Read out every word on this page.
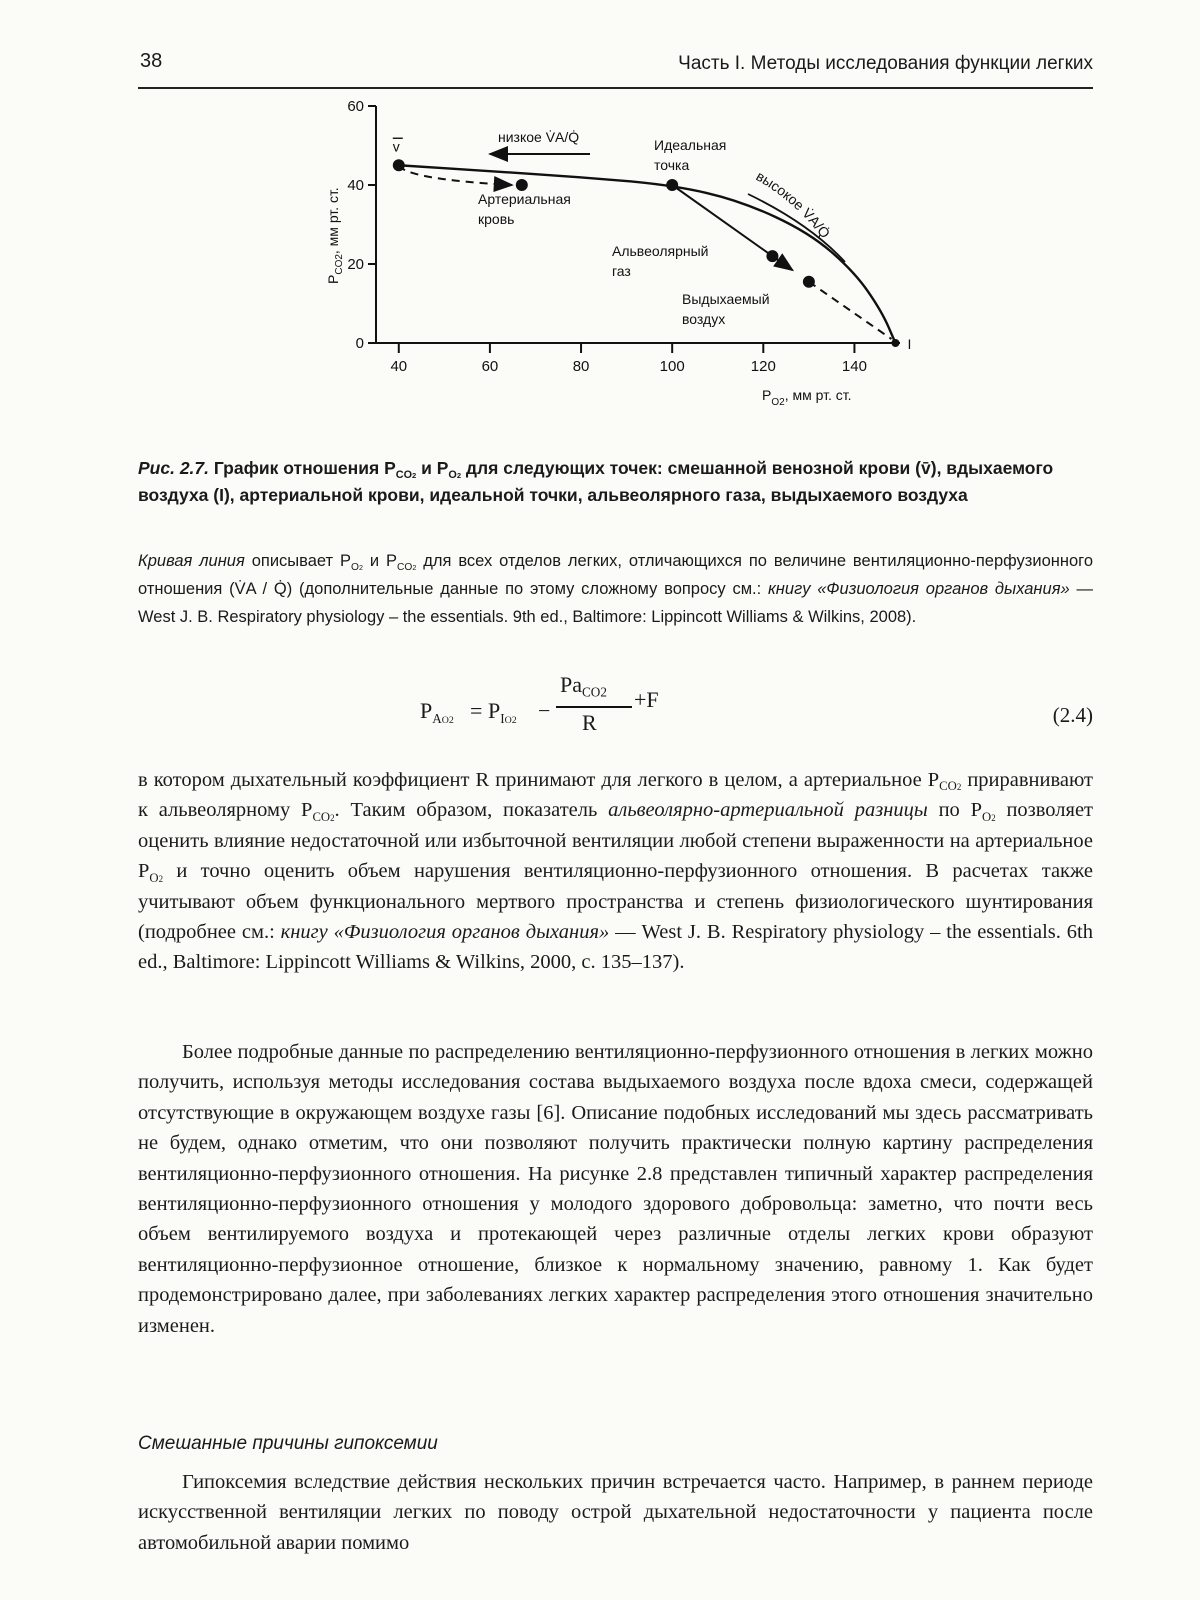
38	Часть I. Методы исследования функции легких
0
20
40
60
40	60	80	100	120	140
$P_{CO2}$, мм рт. ст.
$P_{O2}$, мм рт. ст.
v
низкое V̇A/Q̇	Идеальная
точка
высокое V̇A/Q̇
Артериальная
кровь
Альвеолярный
газ
Выдыхаемый
воздух
I
Рис. 2.7. График отношения $P_{CO2}$ и $P_{O2}$ для следующих точек: смешанной венозной крови (v̄), вдыхаемого воздуха (I), артериальной крови, идеальной точки, альвеолярного газа, выдыхаемого воздуха
Кривая линия описывает $P_{O2}$ и $P_{CO2}$ для всех отделов легких, отличающихся по величине вентиляционно-перфузионного отношения (V̇A / Q̇) (дополнительные данные по этому сложному вопросу см.: книгу «Физиология органов дыхания» — West J. B. Respiratory physiology – the essentials. 9th ed., Baltimore: Lippincott Williams & Wilkins, 2008).
$P_{AO2} = P_{IO2}$ −
$Pa_{CO2}$
R
+F
(2.4)
в котором дыхательный коэффициент R принимают для легкого в целом, а артериальное $P_{CO2}$ приравнивают к альвеолярному $P_{CO2}$. Таким образом, показатель альвеолярно-артериальной разницы по $P_{O2}$ позволяет оценить влияние недостаточной или избыточной вентиляции любой степени выраженности на артериальное $P_{O2}$ и точно оценить объем нарушения вентиляционно-перфузионного отношения. В расчетах также учитывают объем функционального мертвого пространства и степень физиологического шунтирования (подробнее см.: книгу «Физиология органов дыхания» — West J. B. Respiratory physiology – the essentials. 6th ed., Baltimore: Lippincott Williams & Wilkins, 2000, с. 135–137).
Более подробные данные по распределению вентиляционно-перфузионного отношения в легких можно получить, используя методы исследования состава выдыхаемого воздуха после вдоха смеси, содержащей отсутствующие в окружающем воздухе газы [6]. Описание подобных исследований мы здесь рассматривать не будем, однако отметим, что они позволяют получить практически полную картину распределения вентиляционно-перфузионного отношения. На рисунке 2.8 представлен типичный характер распределения вентиляционно-перфузионного отношения у молодого здорового добровольца: заметно, что почти весь объем вентилируемого воздуха и протекающей через различные отделы легких крови образуют вентиляционно-перфузионное отношение, близкое к нормальному значению, равному 1. Как будет продемонстрировано далее, при заболеваниях легких характер распределения этого отношения значительно изменен.
Смешанные причины гипоксемии
Гипоксемия вследствие действия нескольких причин встречается часто. Например, в раннем периоде искусственной вентиляции легких по поводу острой дыхательной недостаточности у пациента после автомобильной аварии помимо
